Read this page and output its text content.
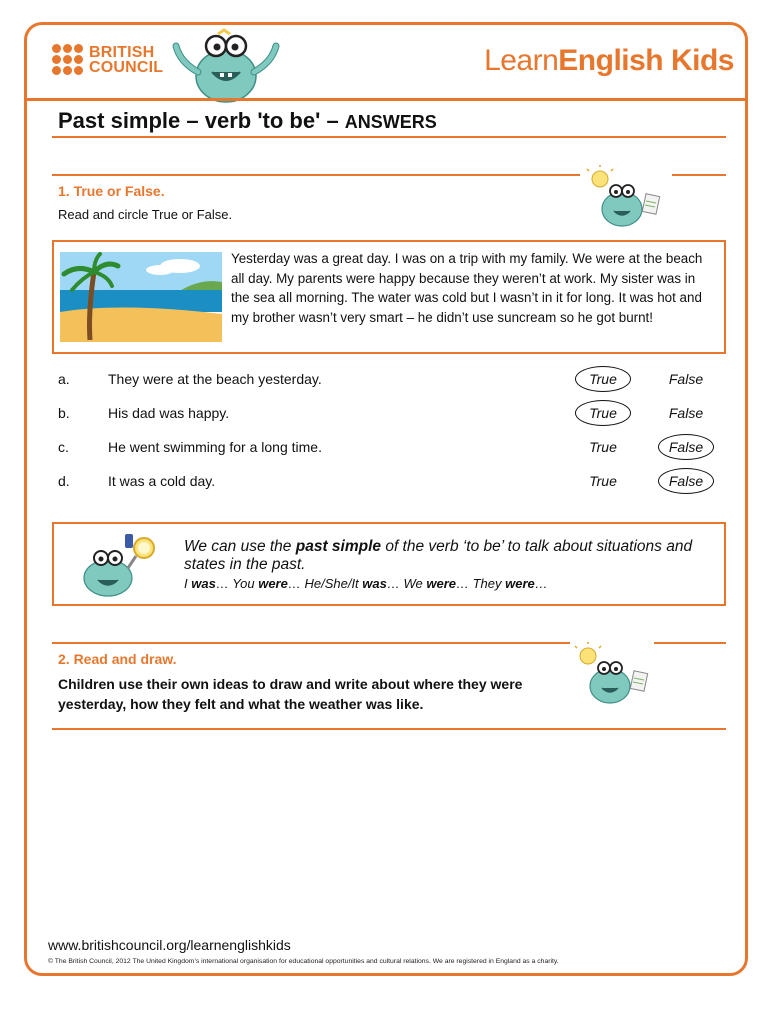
BRITISH
COUNCIL	LearnEnglish Kids
Past simple – verb 'to be' – ANSWERS
1. True or False.
Read and circle True or False.
Yesterday was a great day. I was on a trip with my family. We were at the beach all day. My parents were happy because they weren’t at work. My sister was in the sea all morning. The water was cold but I wasn’t in it for long. It was hot and my brother wasn’t very smart – he didn’t use suncream so he got burnt!
a.	They were at the beach yesterday.	True	False
b.	His dad was happy.	True	False
c.	He went swimming for a long time.	True	False
d.	It was a cold day.	True	False
We can use the past simple of the verb ‘to be’ to talk about situations and states in the past.
I was… You were… He/She/It was… We were… They were…
2. Read and draw.
Children use their own ideas to draw and write about where they were yesterday, how they felt and what the weather was like.
www.britishcouncil.org/learnenglishkids
© The British Council, 2012 The United Kingdom’s international organisation for educational opportunities and cultural relations. We are registered in England as a charity.
